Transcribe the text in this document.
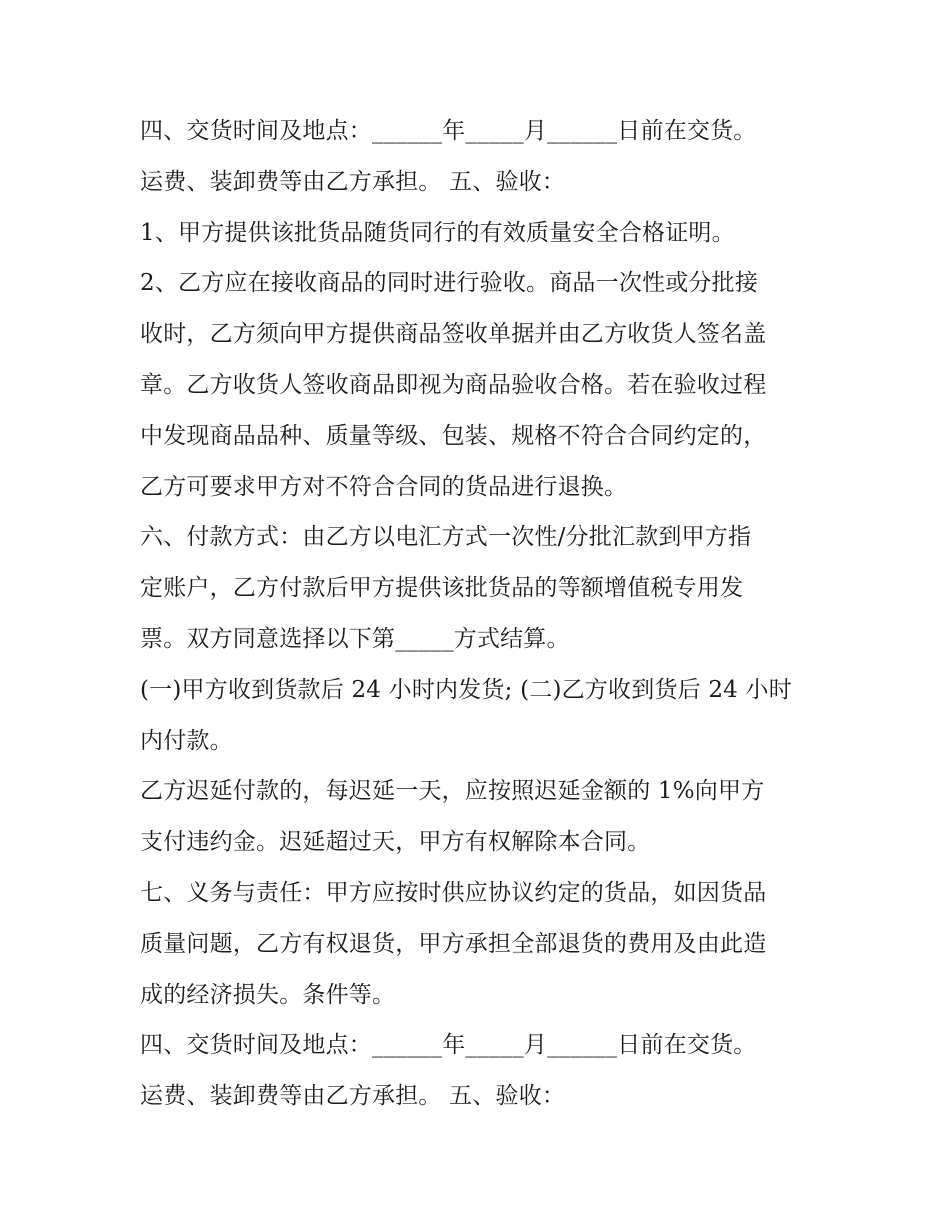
四、交货时间及地点：______年_____月______日前在交货。
运费、装卸费等由乙方承担。 五、验收：
1、甲方提供该批货品随货同行的有效质量安全合格证明。
2、乙方应在接收商品的同时进行验收。商品一次性或分批接
收时，乙方须向甲方提供商品签收单据并由乙方收货人签名盖
章。乙方收货人签收商品即视为商品验收合格。若在验收过程
中发现商品品种、质量等级、包装、规格不符合合同约定的，
乙方可要求甲方对不符合合同的货品进行退换。
六、付款方式：由乙方以电汇方式一次性/分批汇款到甲方指
定账户，乙方付款后甲方提供该批货品的等额增值税专用发
票。双方同意选择以下第_____方式结算。
(一)甲方收到货款后 24 小时内发货; (二)乙方收到货后 24 小时
内付款。
乙方迟延付款的，每迟延一天，应按照迟延金额的 1%向甲方
支付违约金。迟延超过天，甲方有权解除本合同。
七、义务与责任：甲方应按时供应协议约定的货品，如因货品
质量问题，乙方有权退货，甲方承担全部退货的费用及由此造
成的经济损失。条件等。
四、交货时间及地点：______年_____月______日前在交货。
运费、装卸费等由乙方承担。 五、验收：
